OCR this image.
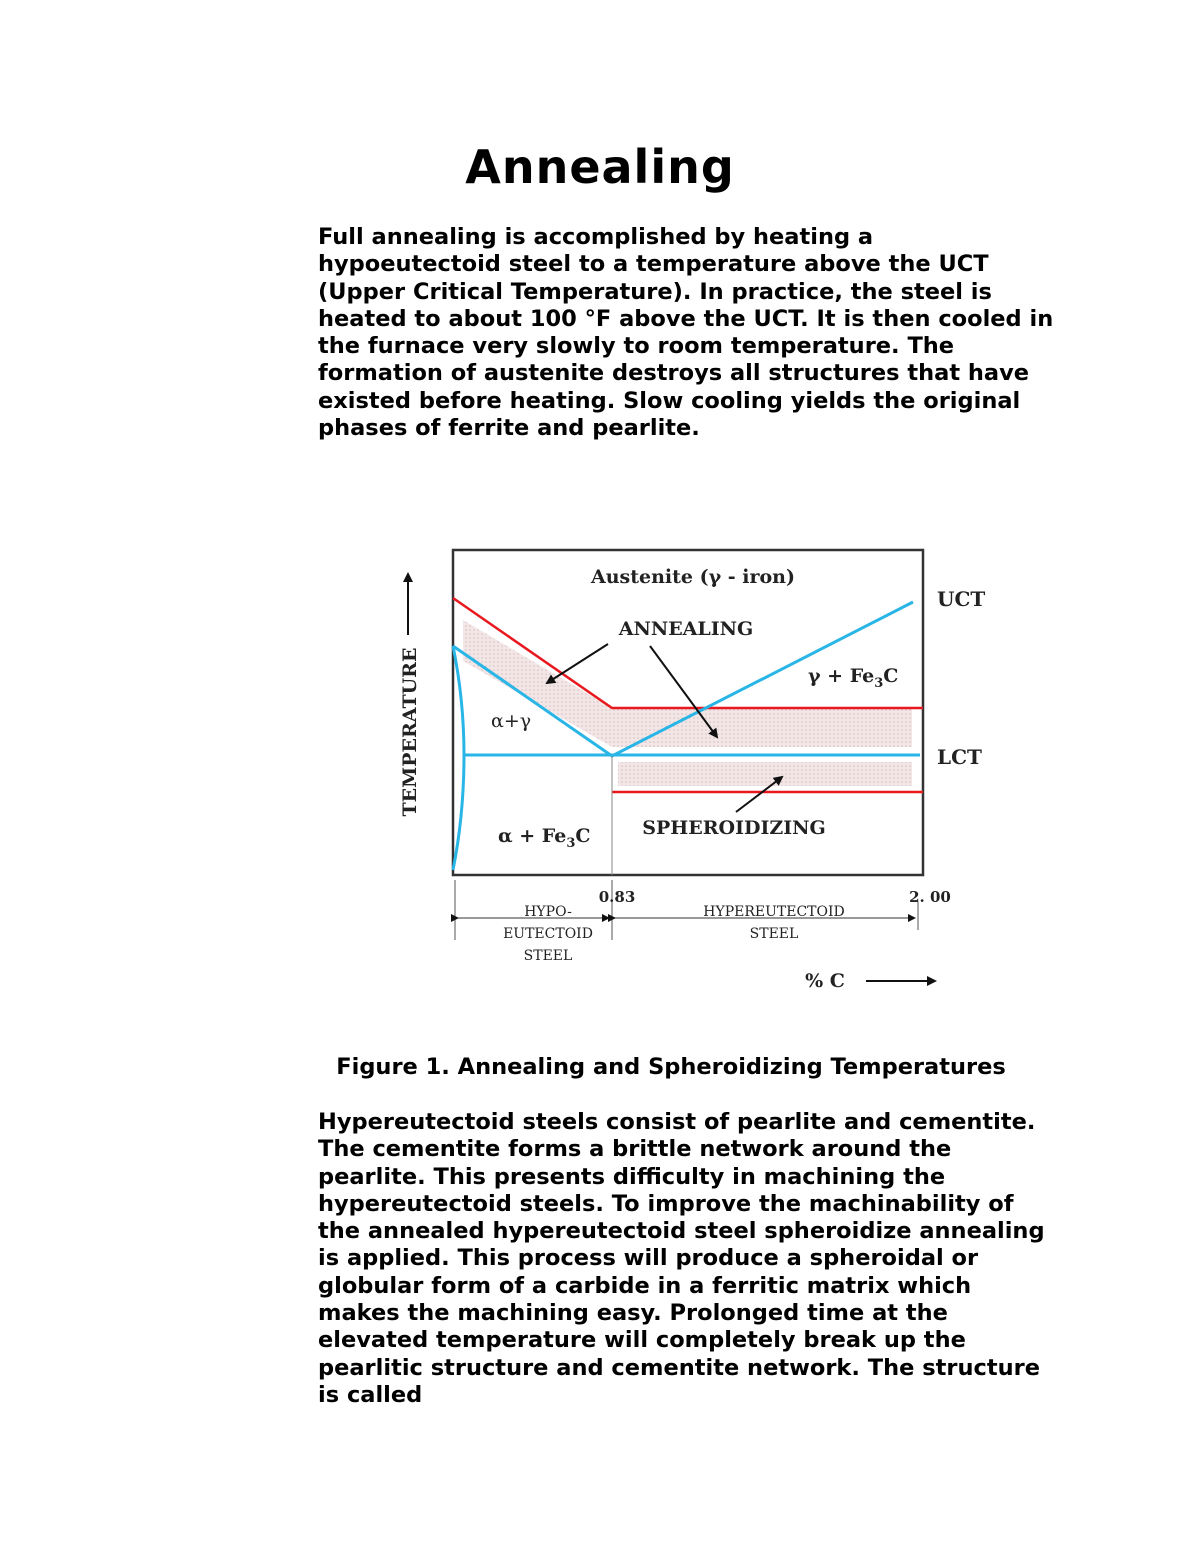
Annealing
Full annealing is accomplished by heating a hypoeutectoid steel to a temperature above the UCT (Upper Critical Temperature). In practice, the steel is heated to about 100 °F above the UCT. It is then cooled in the furnace very slowly to room temperature. The formation of austenite destroys all structures that have existed before heating. Slow cooling yields the original phases of ferrite and pearlite.
Austenite (γ - iron)
ANNEALING
α+γ
$\gamma + Fe_3C$
$\alpha + Fe_3C$	SPHEROIDIZING
UCT
LCT
TEMPERATURE
0.83	2. 00
HYPO-
EUTECTOID
STEEL
HYPEREUTECTOID
STEEL
% C
Figure 1. Annealing and Spheroidizing Temperatures
Hypereutectoid steels consist of pearlite and cementite. The cementite forms a brittle network around the pearlite. This presents difficulty in machining the hypereutectoid steels. To improve the machinability of the annealed hypereutectoid steel spheroidize annealing is applied. This process will produce a spheroidal or globular form of a carbide in a ferritic matrix which makes the machining easy. Prolonged time at the elevated temperature will completely break up the pearlitic structure and cementite network. The structure is called
